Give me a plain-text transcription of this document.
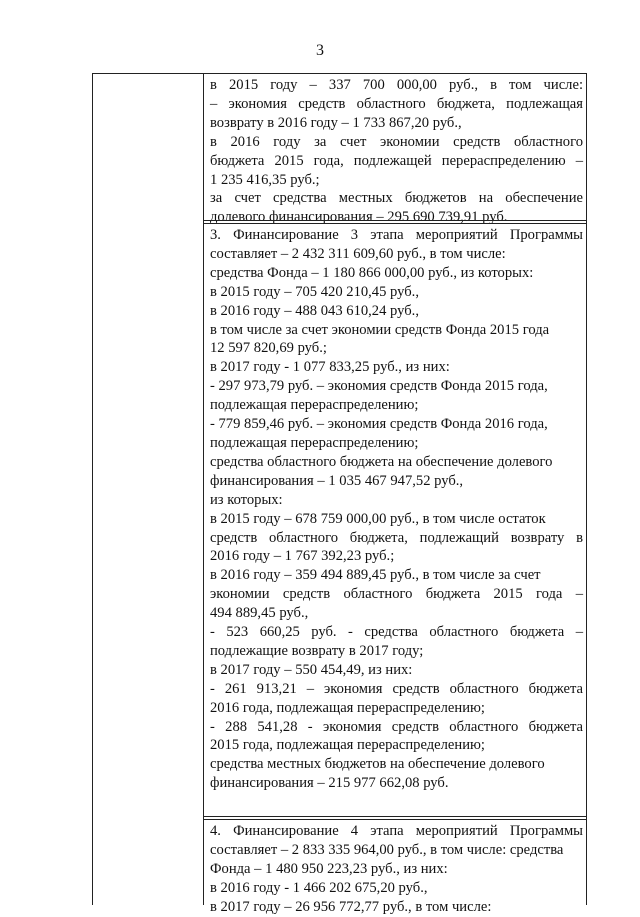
3
в 2015 году – 337 700 000,00 руб., в том числе:
– экономия средств областного бюджета, подлежащая
возврату в 2016 году – 1 733 867,20 руб.,
в 2016 году за счет экономии средств областного
бюджета 2015 года, подлежащей перераспределению –
1 235 416,35 руб.;
за счет средства местных бюджетов на обеспечение
долевого финансирования – 295 690 739,91 руб.
3. Финансирование 3 этапа мероприятий Программы
составляет – 2 432 311 609,60 руб., в том числе:
средства Фонда – 1 180 866 000,00 руб., из которых:
в 2015 году – 705 420 210,45 руб.,
в 2016 году – 488 043 610,24 руб.,
в том числе за счет экономии средств Фонда 2015 года
12 597 820,69 руб.;
в 2017 году - 1 077 833,25 руб., из них:
- 297 973,79 руб. – экономия средств Фонда 2015 года,
подлежащая перераспределению;
- 779 859,46 руб. – экономия средств Фонда 2016 года,
подлежащая перераспределению;
средства областного бюджета на обеспечение долевого
финансирования – 1 035 467 947,52 руб.,
из которых:
в 2015 году – 678 759 000,00 руб., в том числе остаток
средств областного бюджета, подлежащий возврату в
2016 году – 1 767 392,23 руб.;
в 2016 году – 359 494 889,45 руб., в том числе за счет
экономии средств областного бюджета 2015 года –
494 889,45 руб.,
- 523 660,25 руб. - средства областного бюджета –
подлежащие возврату в 2017 году;
в 2017 году – 550 454,49, из них:
- 261 913,21 – экономия средств областного бюджета
2016 года, подлежащая перераспределению;
- 288 541,28 - экономия средств областного бюджета
2015 года, подлежащая перераспределению;
средства местных бюджетов на обеспечение долевого
финансирования – 215 977 662,08 руб.
4. Финансирование 4 этапа мероприятий Программы
составляет – 2 833 335 964,00 руб., в том числе: средства
Фонда – 1 480 950 223,23 руб., из них:
в 2016 году - 1 466 202 675,20 руб.,
в 2017 году – 26 956 772,77 руб., в том числе:
